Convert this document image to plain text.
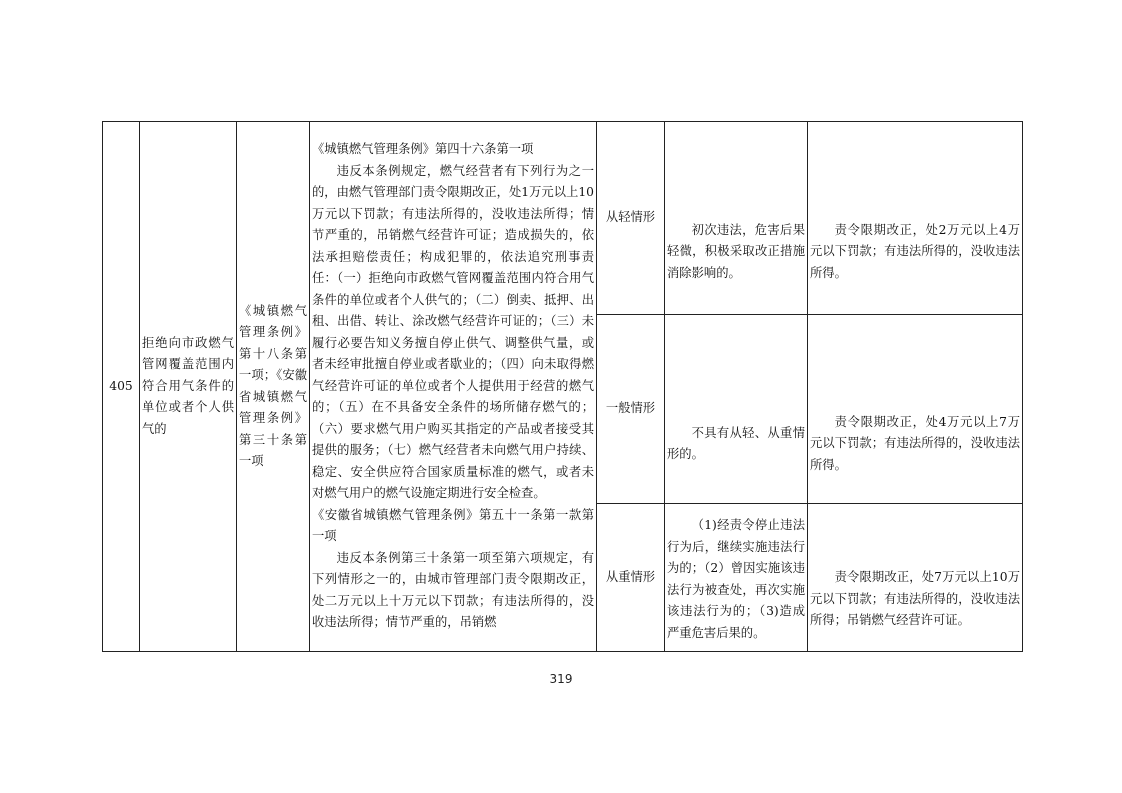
405	拒绝向市政燃气管网覆盖范围内符合用气条件的单位或者个人供气的	《城镇燃气管理条例》第十八条第一项；《安徽省城镇燃气管理条例》第三十条第一项	《城镇燃气管理条例》第四十六条第一项

违反本条例规定，燃气经营者有下列行为之一的，由燃气管理部门责令限期改正，处1万元以上10万元以下罚款；有违法所得的，没收违法所得；情节严重的，吊销燃气经营许可证；造成损失的，依法承担赔偿责任；构成犯罪的，依法追究刑事责任：（一）拒绝向市政燃气管网覆盖范围内符合用气条件的单位或者个人供气的；（二）倒卖、抵押、出租、出借、转让、涂改燃气经营许可证的；（三）未履行必要告知义务擅自停止供气、调整供气量，或者未经审批擅自停业或者歇业的；（四）向未取得燃气经营许可证的单位或者个人提供用于经营的燃气的；（五）在不具备安全条件的场所储存燃气的；（六）要求燃气用户购买其指定的产品或者接受其提供的服务；（七）燃气经营者未向燃气用户持续、稳定、安全供应符合国家质量标准的燃气，或者未对燃气用户的燃气设施定期进行安全检查。

《安徽省城镇燃气管理条例》第五十一条第一款第一项

违反本条例第三十条第一项至第六项规定，有下列情形之一的，由城市管理部门责令限期改正，处二万元以上十万元以下罚款；有违法所得的，没收违法所得；情节严重的，吊销燃	从轻情形	初次违法，危害后果轻微，积极采取改正措施消除影响的。	责令限期改正，处2万元以上4万元以下罚款；有违法所得的，没收违法所得。

				一般情形	不具有从轻、从重情形的。	责令限期改正，处4万元以上7万元以下罚款；有违法所得的，没收违法所得。

				从重情形	（1)经责令停止违法行为后，继续实施违法行为的；（2）曾因实施该违法行为被查处，再次实施该违法行为的；（3)造成严重危害后果的。	责令限期改正，处7万元以上10万元以下罚款；有违法所得的，没收违法所得；吊销燃气经营许可证。

319
